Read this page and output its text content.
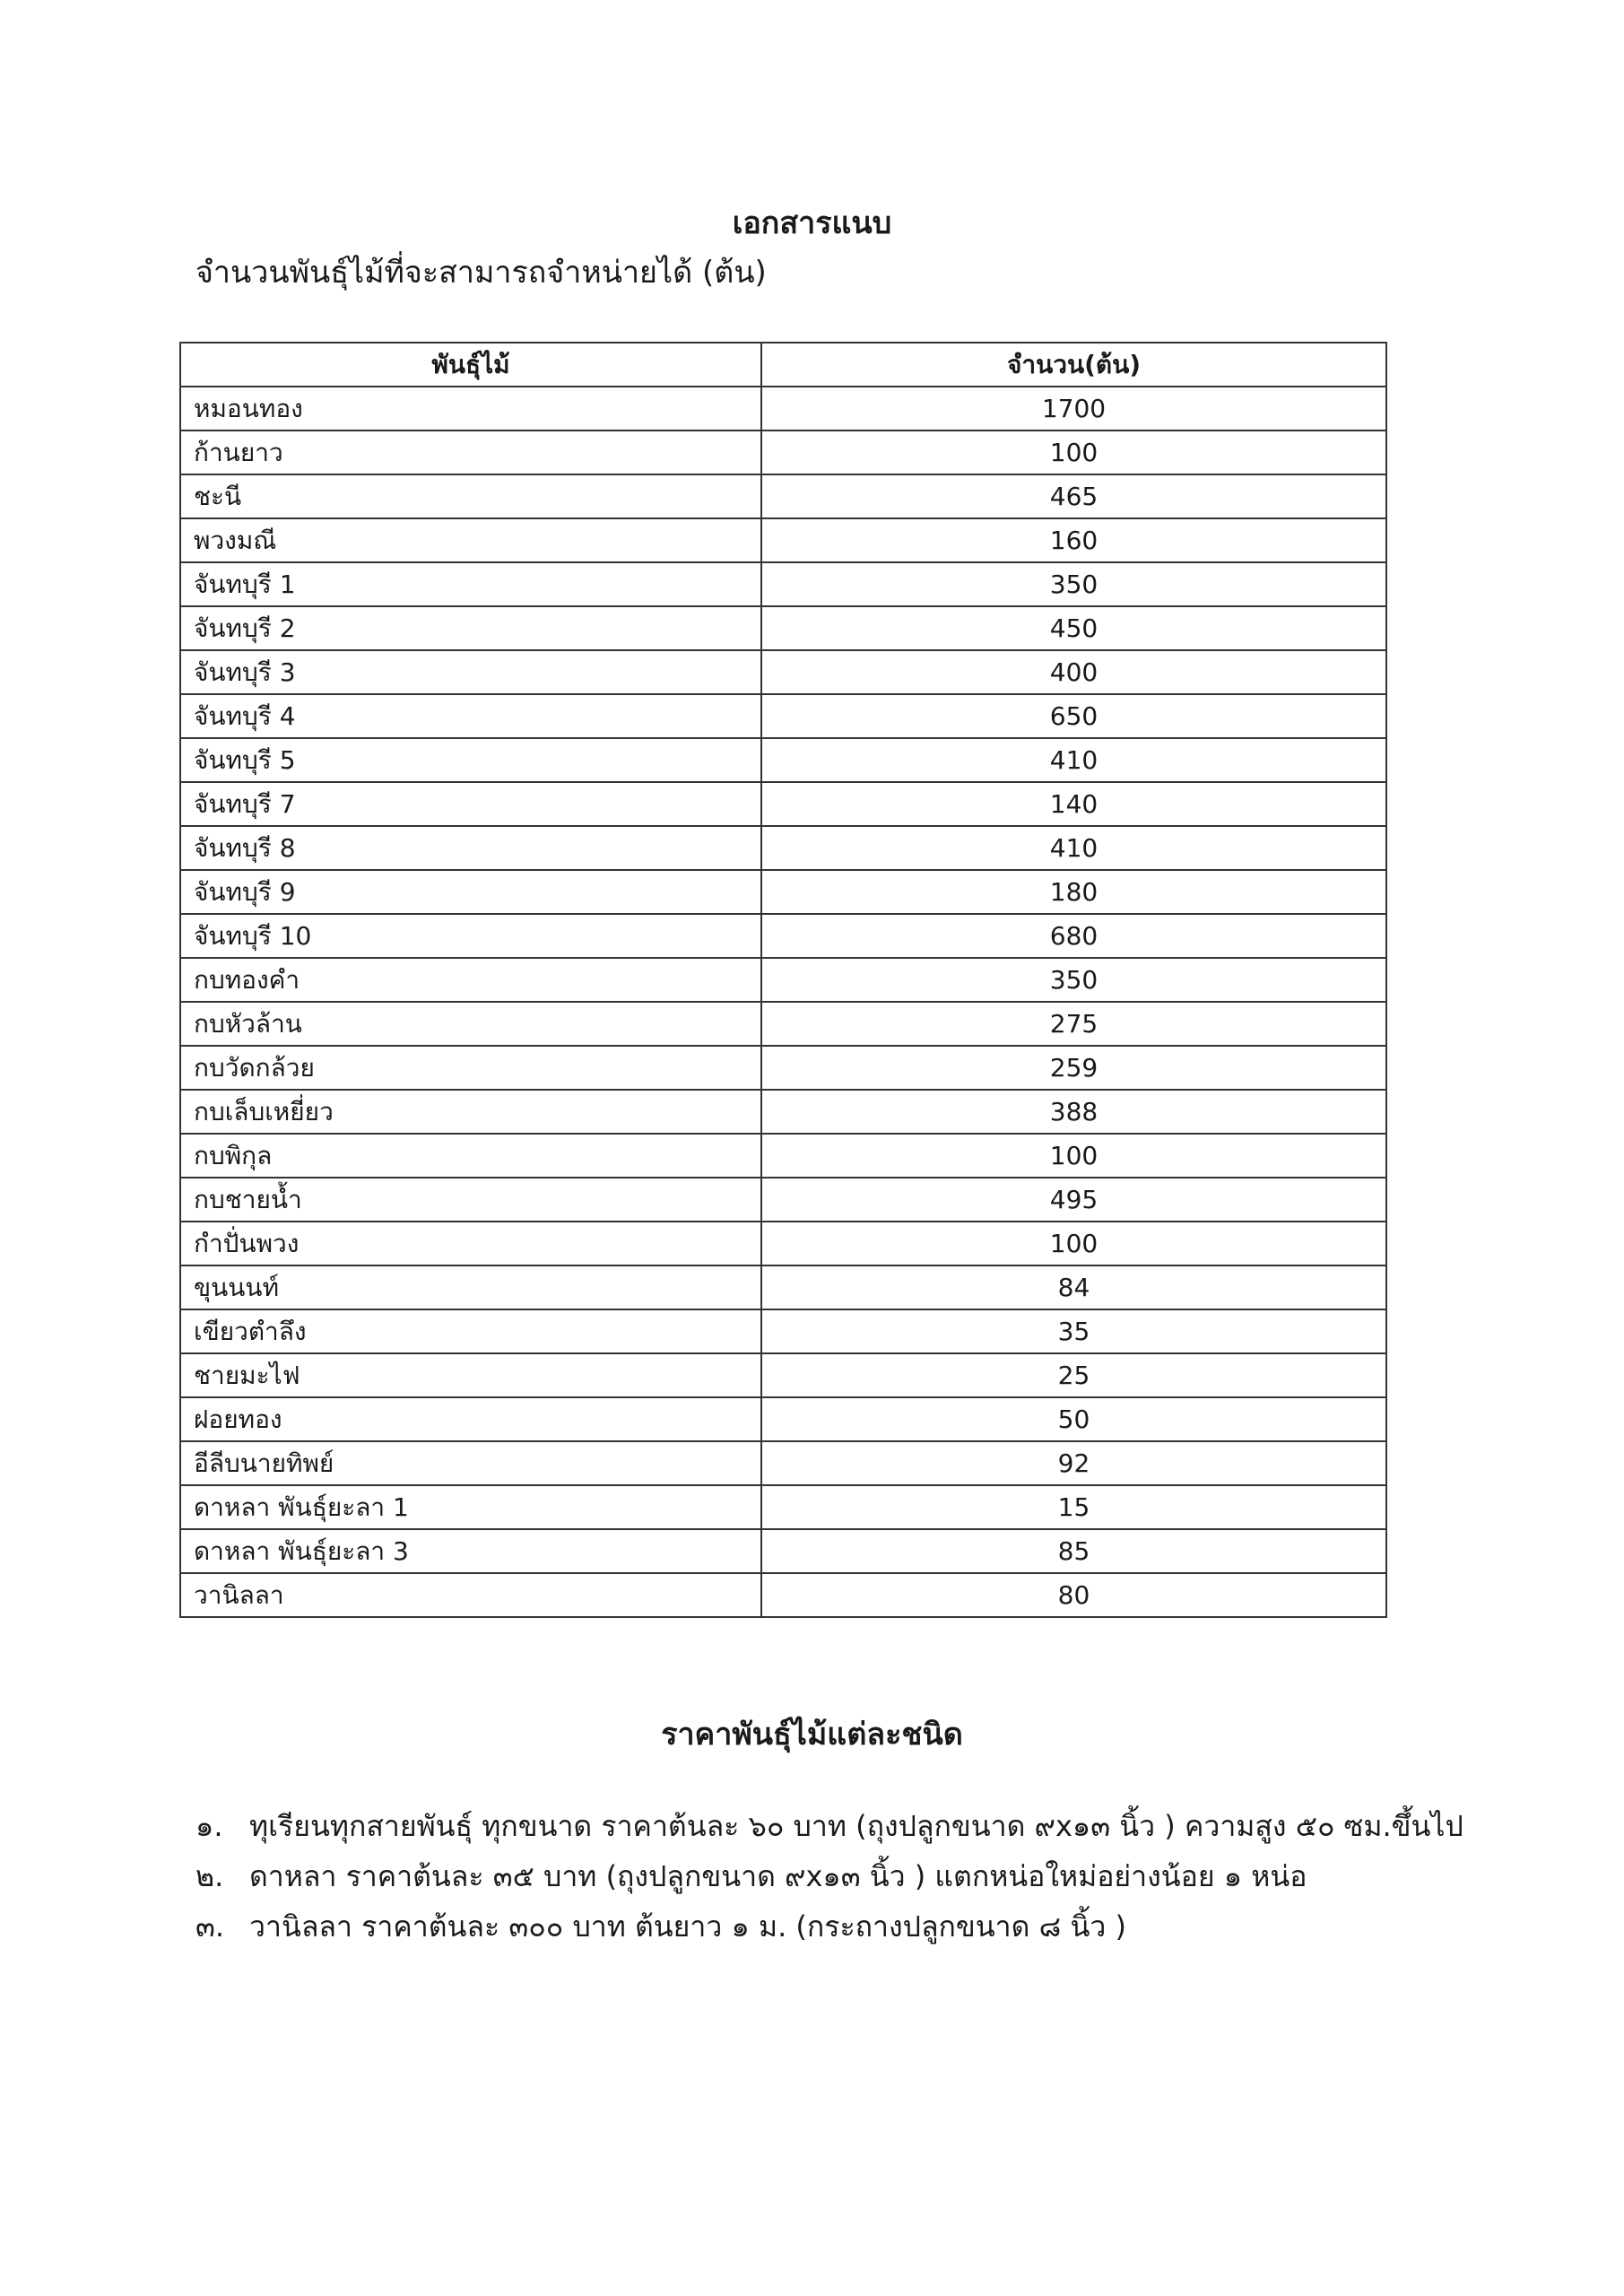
เอกสารแนบ
จำนวนพันธุ์ไม้ที่จะสามารถจำหน่ายได้ (ต้น)
พันธุ์ไม้	จำนวน(ต้น)
หมอนทอง	1700
ก้านยาว	100
ชะนี	465
พวงมณี	160
จันทบุรี 1	350
จันทบุรี 2	450
จันทบุรี 3	400
จันทบุรี 4	650
จันทบุรี 5	410
จันทบุรี 7	140
จันทบุรี 8	410
จันทบุรี 9	180
จันทบุรี 10	680
กบทองคำ	350
กบหัวล้าน	275
กบวัดกล้วย	259
กบเล็บเหยี่ยว	388
กบพิกุล	100
กบชายน้ำ	495
กำปั่นพวง	100
ขุนนนท์	84
เขียวตำลึง	35
ชายมะไฟ	25
ฝอยทอง	50
อีลีบนายทิพย์	92
ดาหลา พันธุ์ยะลา 1	15
ดาหลา พันธุ์ยะลา 3	85
วานิลลา	80
ราคาพันธุ์ไม้แต่ละชนิด
๑. ทุเรียนทุกสายพันธุ์ ทุกขนาด ราคาต้นละ ๖๐ บาท (ถุงปลูกขนาด ๙x๑๓ นิ้ว ) ความสูง ๕๐ ซม.ขึ้นไป
๒. ดาหลา ราคาต้นละ ๓๕ บาท (ถุงปลูกขนาด ๙x๑๓ นิ้ว ) แตกหน่อใหม่อย่างน้อย ๑ หน่อ
๓. วานิลลา ราคาต้นละ ๓๐๐ บาท ต้นยาว ๑ ม. (กระถางปลูกขนาด ๘ นิ้ว )
